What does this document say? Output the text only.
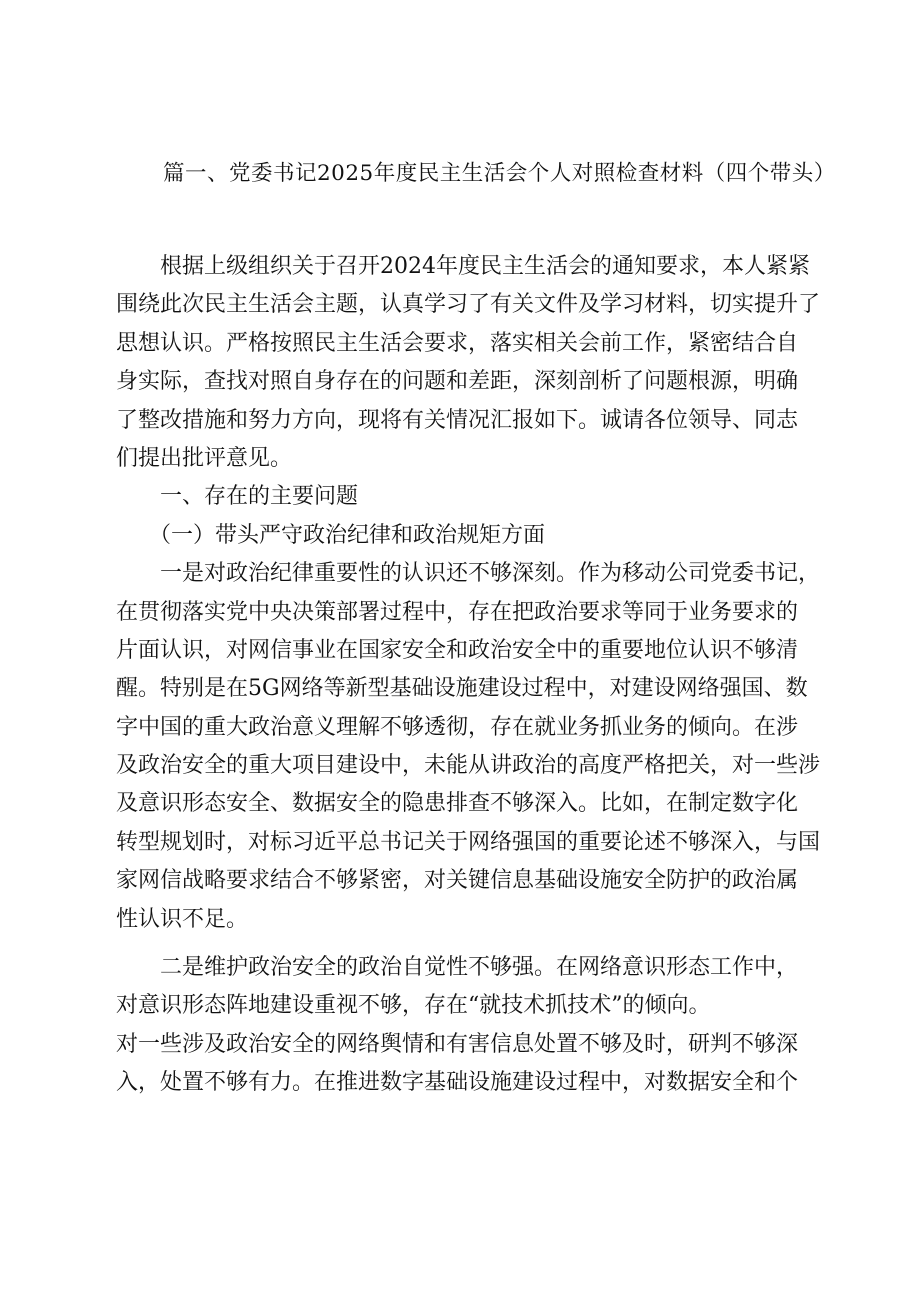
篇一、党委书记2025年度民主生活会个人对照检查材料（四个带头）
　　根据上级组织关于召开2024年度民主生活会的通知要求，本人紧紧
围绕此次民主生活会主题，认真学习了有关文件及学习材料，切实提升了
思想认识。严格按照民主生活会要求，落实相关会前工作，紧密结合自
身实际，查找对照自身存在的问题和差距，深刻剖析了问题根源，明确
了整改措施和努力方向，现将有关情况汇报如下。诚请各位领导、同志
们提出批评意见。
　　一、存在的主要问题
　　（一）带头严守政治纪律和政治规矩方面
　　一是对政治纪律重要性的认识还不够深刻。作为移动公司党委书记，
在贯彻落实党中央决策部署过程中，存在把政治要求等同于业务要求的
片面认识，对网信事业在国家安全和政治安全中的重要地位认识不够清
醒。特别是在5G网络等新型基础设施建设过程中，对建设网络强国、数
字中国的重大政治意义理解不够透彻，存在就业务抓业务的倾向。在涉
及政治安全的重大项目建设中，未能从讲政治的高度严格把关，对一些涉
及意识形态安全、数据安全的隐患排查不够深入。比如，在制定数字化
转型规划时，对标习近平总书记关于网络强国的重要论述不够深入，与国
家网信战略要求结合不够紧密，对关键信息基础设施安全防护的政治属
性认识不足。
　　二是维护政治安全的政治自觉性不够强。在网络意识形态工作中，
对意识形态阵地建设重视不够，存在“就技术抓技术”的倾向。
对一些涉及政治安全的网络舆情和有害信息处置不够及时，研判不够深
入，处置不够有力。在推进数字基础设施建设过程中，对数据安全和个
